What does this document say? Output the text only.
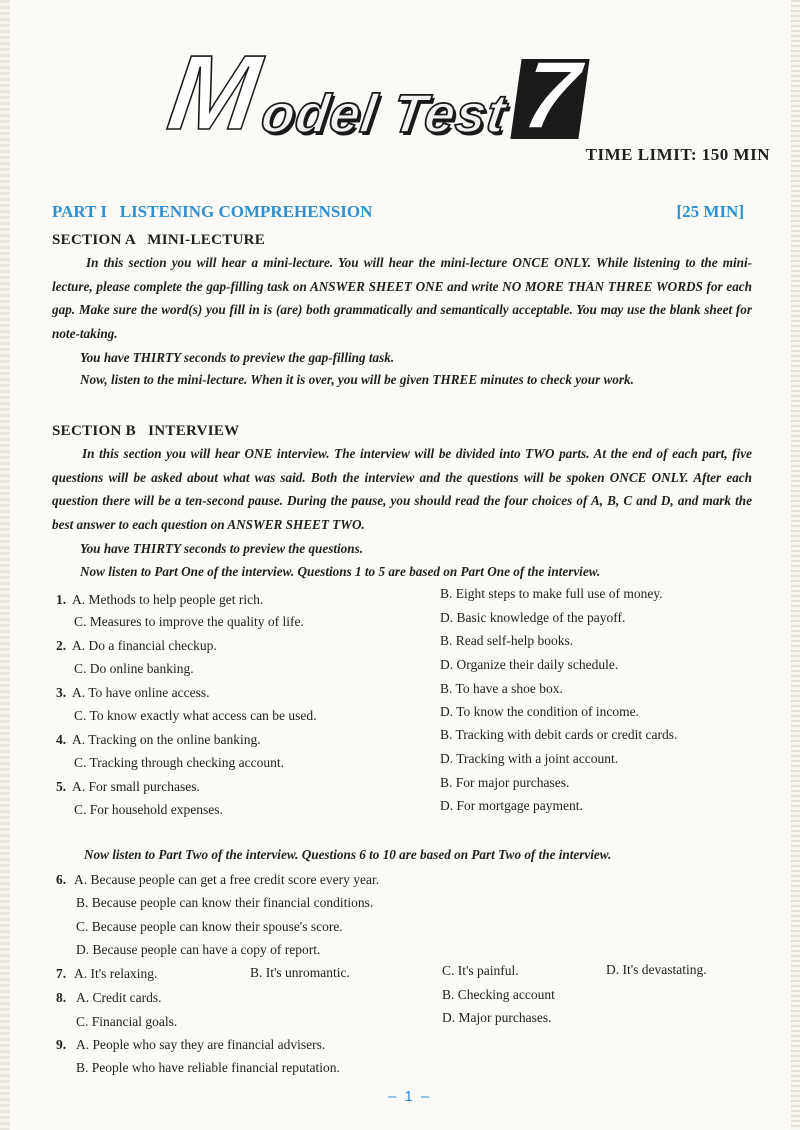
M
odel Test 7
TIME LIMIT: 150 MIN
PART I   LISTENING COMPREHENSION	[25 MIN]
SECTION A   MINI-LECTURE

In this section you will hear a mini-lecture. You will hear the mini-lecture ONCE ONLY. While listening to the mini-lecture, please complete the gap-filling task on ANSWER SHEET ONE and write NO MORE THAN THREE WORDS for each gap. Make sure the word(s) you fill in is (are) both grammatically and semantically acceptable. You may use the blank sheet for note-taking.

You have THIRTY seconds to preview the gap-filling task.
Now, listen to the mini-lecture. When it is over, you will be given THREE minutes to check your work.
SECTION B   INTERVIEW

In this section you will hear ONE interview. The interview will be divided into TWO parts. At the end of each part, five questions will be asked about what was said. Both the interview and the questions will be spoken ONCE ONLY. After each question there will be a ten-second pause. During the pause, you should read the four choices of A, B, C and D, and mark the best answer to each question on ANSWER SHEET TWO.

You have THIRTY seconds to preview the questions.
Now listen to Part One of the interview. Questions 1 to 5 are based on Part One of the interview.
1. A. Methods to help people get rich.	B. Eight steps to make full use of money.
C. Measures to improve the quality of life.	D. Basic knowledge of the payoff.
2. A. Do a financial checkup.	B. Read self-help books.
C. Do online banking.	D. Organize their daily schedule.
3. A. To have online access.	B. To have a shoe box.
C. To know exactly what access can be used.	D. To know the condition of income.
4. A. Tracking on the online banking.	B. Tracking with debit cards or credit cards.
C. Tracking through checking account.	D. Tracking with a joint account.
5. A. For small purchases.	B. For major purchases.
C. For household expenses.	D. For mortgage payment.
Now listen to Part Two of the interview. Questions 6 to 10 are based on Part Two of the interview.
6. A. Because people can get a free credit score every year.
B. Because people can know their financial conditions.
C. Because people can know their spouse's score.
D. Because people can have a copy of report.
7. A. It's relaxing.	B. It's unromantic.	C. It's painful.	D. It's devastating.
8. A. Credit cards.	B. Checking account
C. Financial goals.	D. Major purchases.
9. A. People who say they are financial advisers.
B. People who have reliable financial reputation.
– 1 –
